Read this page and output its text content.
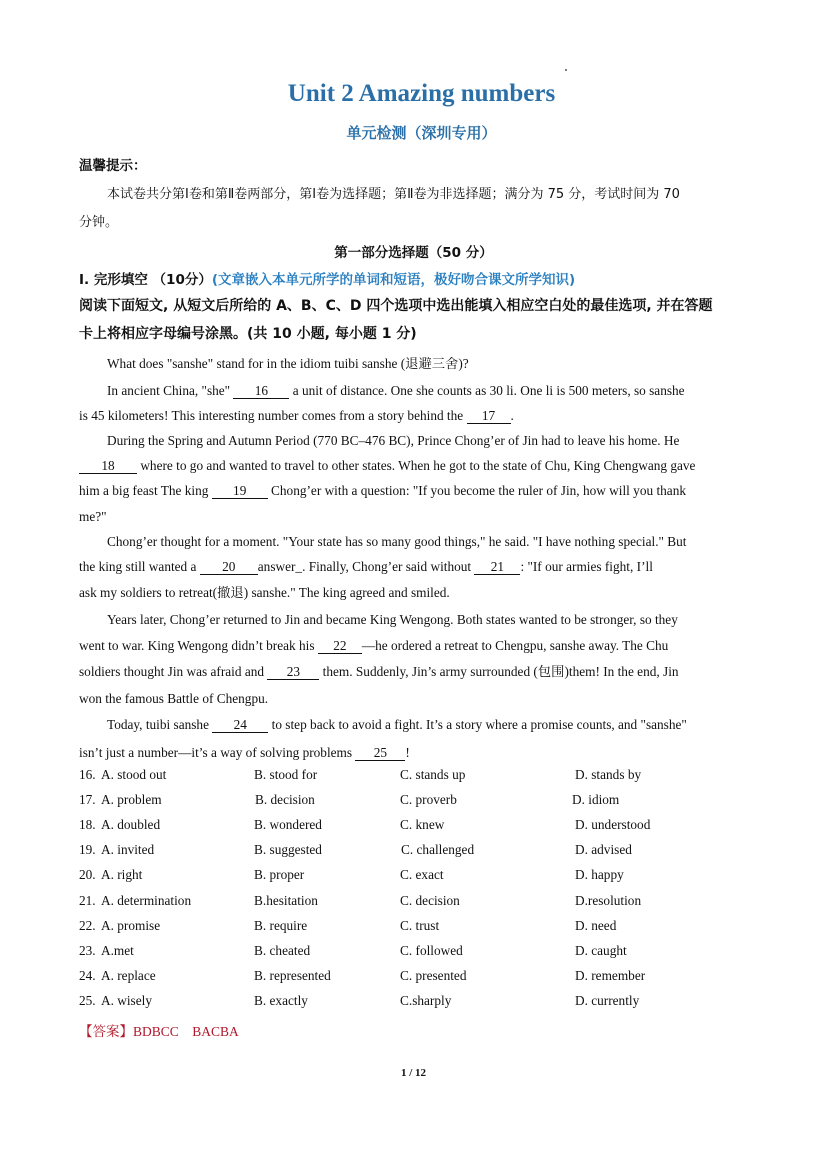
Unit 2 Amazing numbers
单元检测（深圳专用）
温馨提示：
本试卷共分第Ⅰ卷和第Ⅱ卷两部分，第Ⅰ卷为选择题；第Ⅱ卷为非选择题；满分为 75 分，考试时间为 70
分钟。
第一部分选择题（50 分）
I. 完形填空 （10分）(文章嵌入本单元所学的单词和短语，极好吻合课文所学知识)
阅读下面短文, 从短文后所给的 A、B、C、D 四个选项中选出能填入相应空白处的最佳选项, 并在答题
卡上将相应字母编号涂黑。(共 10 小题, 每小题 1 分)
What does "sanshe" stand for in the idiom tuibi sanshe (退避三舍)?
In ancient China, "she" 16 a unit of distance. One she counts as 30 li. One li is 500 meters, so sanshe
is 45 kilometers! This interesting number comes from a story behind the 17 .
During the Spring and Autumn Period (770 BC–476 BC), Prince Chong’er of Jin had to leave his home. He
18 where to go and wanted to travel to other states. When he got to the state of Chu, King Chengwang gave
him a big feast The king 19 Chong’er with a question: "If you become the ruler of Jin, how will you thank
me?"
Chong’er thought for a moment. "Your state has so many good things," he said. "I have nothing special." But
the king still wanted a 20 answer_. Finally, Chong’er said without 21 : "If our armies fight, I’ll
ask my soldiers to retreat(撤退) sanshe." The king agreed and smiled.
Years later, Chong’er returned to Jin and became King Wengong. Both states wanted to be stronger, so they
went to war. King Wengong didn’t break his 22 —he ordered a retreat to Chengpu, sanshe away. The Chu
soldiers thought Jin was afraid and 23 them. Suddenly, Jin’s army surrounded (包围)them! In the end, Jin
won the famous Battle of Chengpu.
Today, tuibi sanshe 24 to step back to avoid a fight. It’s a story where a promise counts, and "sanshe"
isn’t just a number—it’s a way of solving problems 25 !
16. A. stood out	B. stood for	C. stands up	D. stands by
17. A. problem	B. decision	C. proverb	D. idiom
18. A. doubled	B. wondered	C. knew	D. understood
19. A. invited	B. suggested	C. challenged	D. advised
20. A. right	B. proper	C. exact	D. happy
21. A. determination	B.hesitation	C. decision	D.resolution
22. A. promise	B. require	C. trust	D. need
23. A.met	B. cheated	C. followed	D. caught
24. A. replace	B. represented	C. presented	D. remember
25. A. wisely	B. exactly	C.sharply	D. currently
【答案】BDBCC    BACBA
1 / 12
